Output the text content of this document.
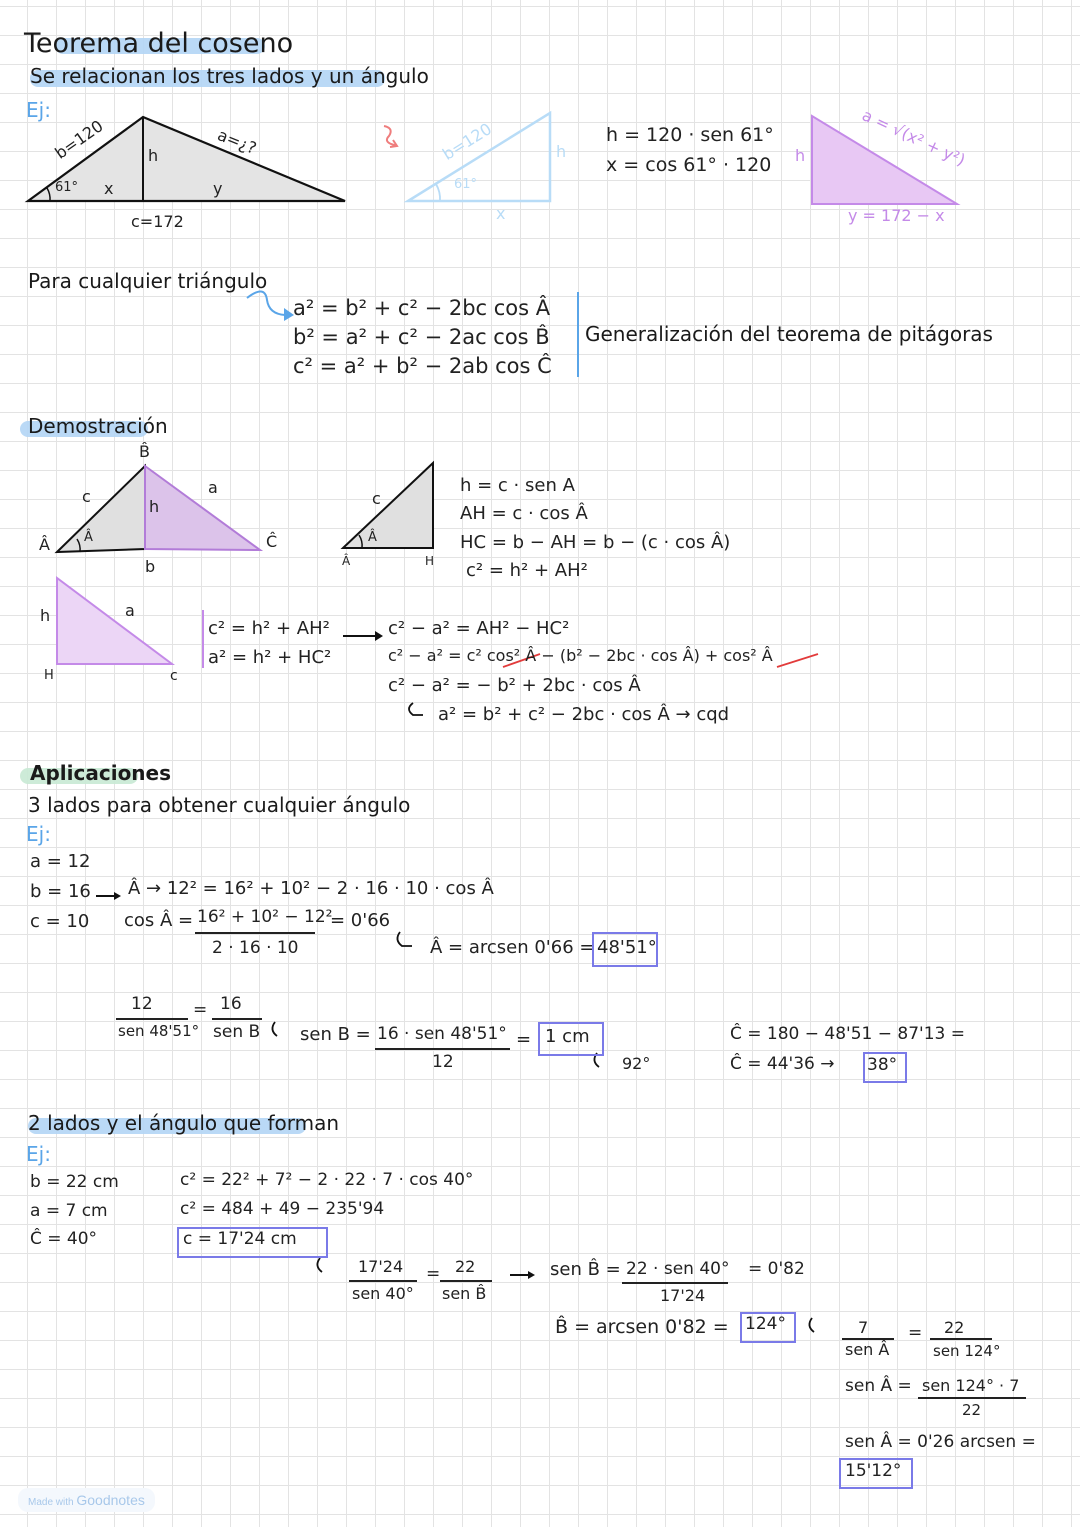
Teorema del coseno
Se relacionan los tres lados y un ángulo
Ej:
b=120	a=¿?
h
61° x	y
c=172
b=120	h
61°
x
h = 120 · sen 61°
x = cos 61° · 120	a = √(x² + y²)
h
y = 172 − x
Para cualquier triángulo
a² = b² + c² − 2bc cos Â
b² = a² + c² − 2ac cos B̂
c² = a² + b² − 2ab cos Ĉ
Generalización del teorema de pitágoras
Demostración
B̂
c	a
h
Â	Â	Ĉ
b
c
Â
Â	H
h = c · sen A
AH = c · cos Â
HC = b − AH = b − (c · cos Â)
c² = h² + AH²
h	a
H	c
c² = h² + AH²
a² = h² + HC²
c² − a² = AH² − HC²
c² − a² = c² cos² Â − (b² − 2bc · cos Â) + cos² Â
c² − a² = − b² + 2bc · cos Â
a² = b² + c² − 2bc · cos Â → cqd
Aplicaciones
3 lados para obtener cualquier ángulo
Ej:
a = 12
b = 16
c = 10
Â → 12² = 16² + 10² − 2 · 16 · 10 · cos Â
cos Â = 16² + 10² − 12²
2 · 16 · 10
= 0'66
Â = arcsen 0'66 = 48'51°
12
sen 48'51°
= 16
sen B sen B = 16 · sen 48'51°
12
= 1 cm
92°
Ĉ = 180 − 48'51 − 87'13 =
Ĉ = 44'36 → 38°
2 lados y el ángulo que forman
Ej:
b = 22 cm
a = 7 cm
Ĉ = 40°
c² = 22² + 7² − 2 · 22 · 7 · cos 40°
c² = 484 + 49 − 235'94
c = 17'24 cm
17'24
sen 40°
= 22
sen B̂
sen B̂ = 22 · sen 40°
17'24
= 0'82
B̂ = arcsen 0'82 = 124°	7
sen Â
= 22
sen 124°
sen Â = sen 124° · 7
22
sen Â = 0'26 arcsen =
15'12°
Made with Goodnotes
